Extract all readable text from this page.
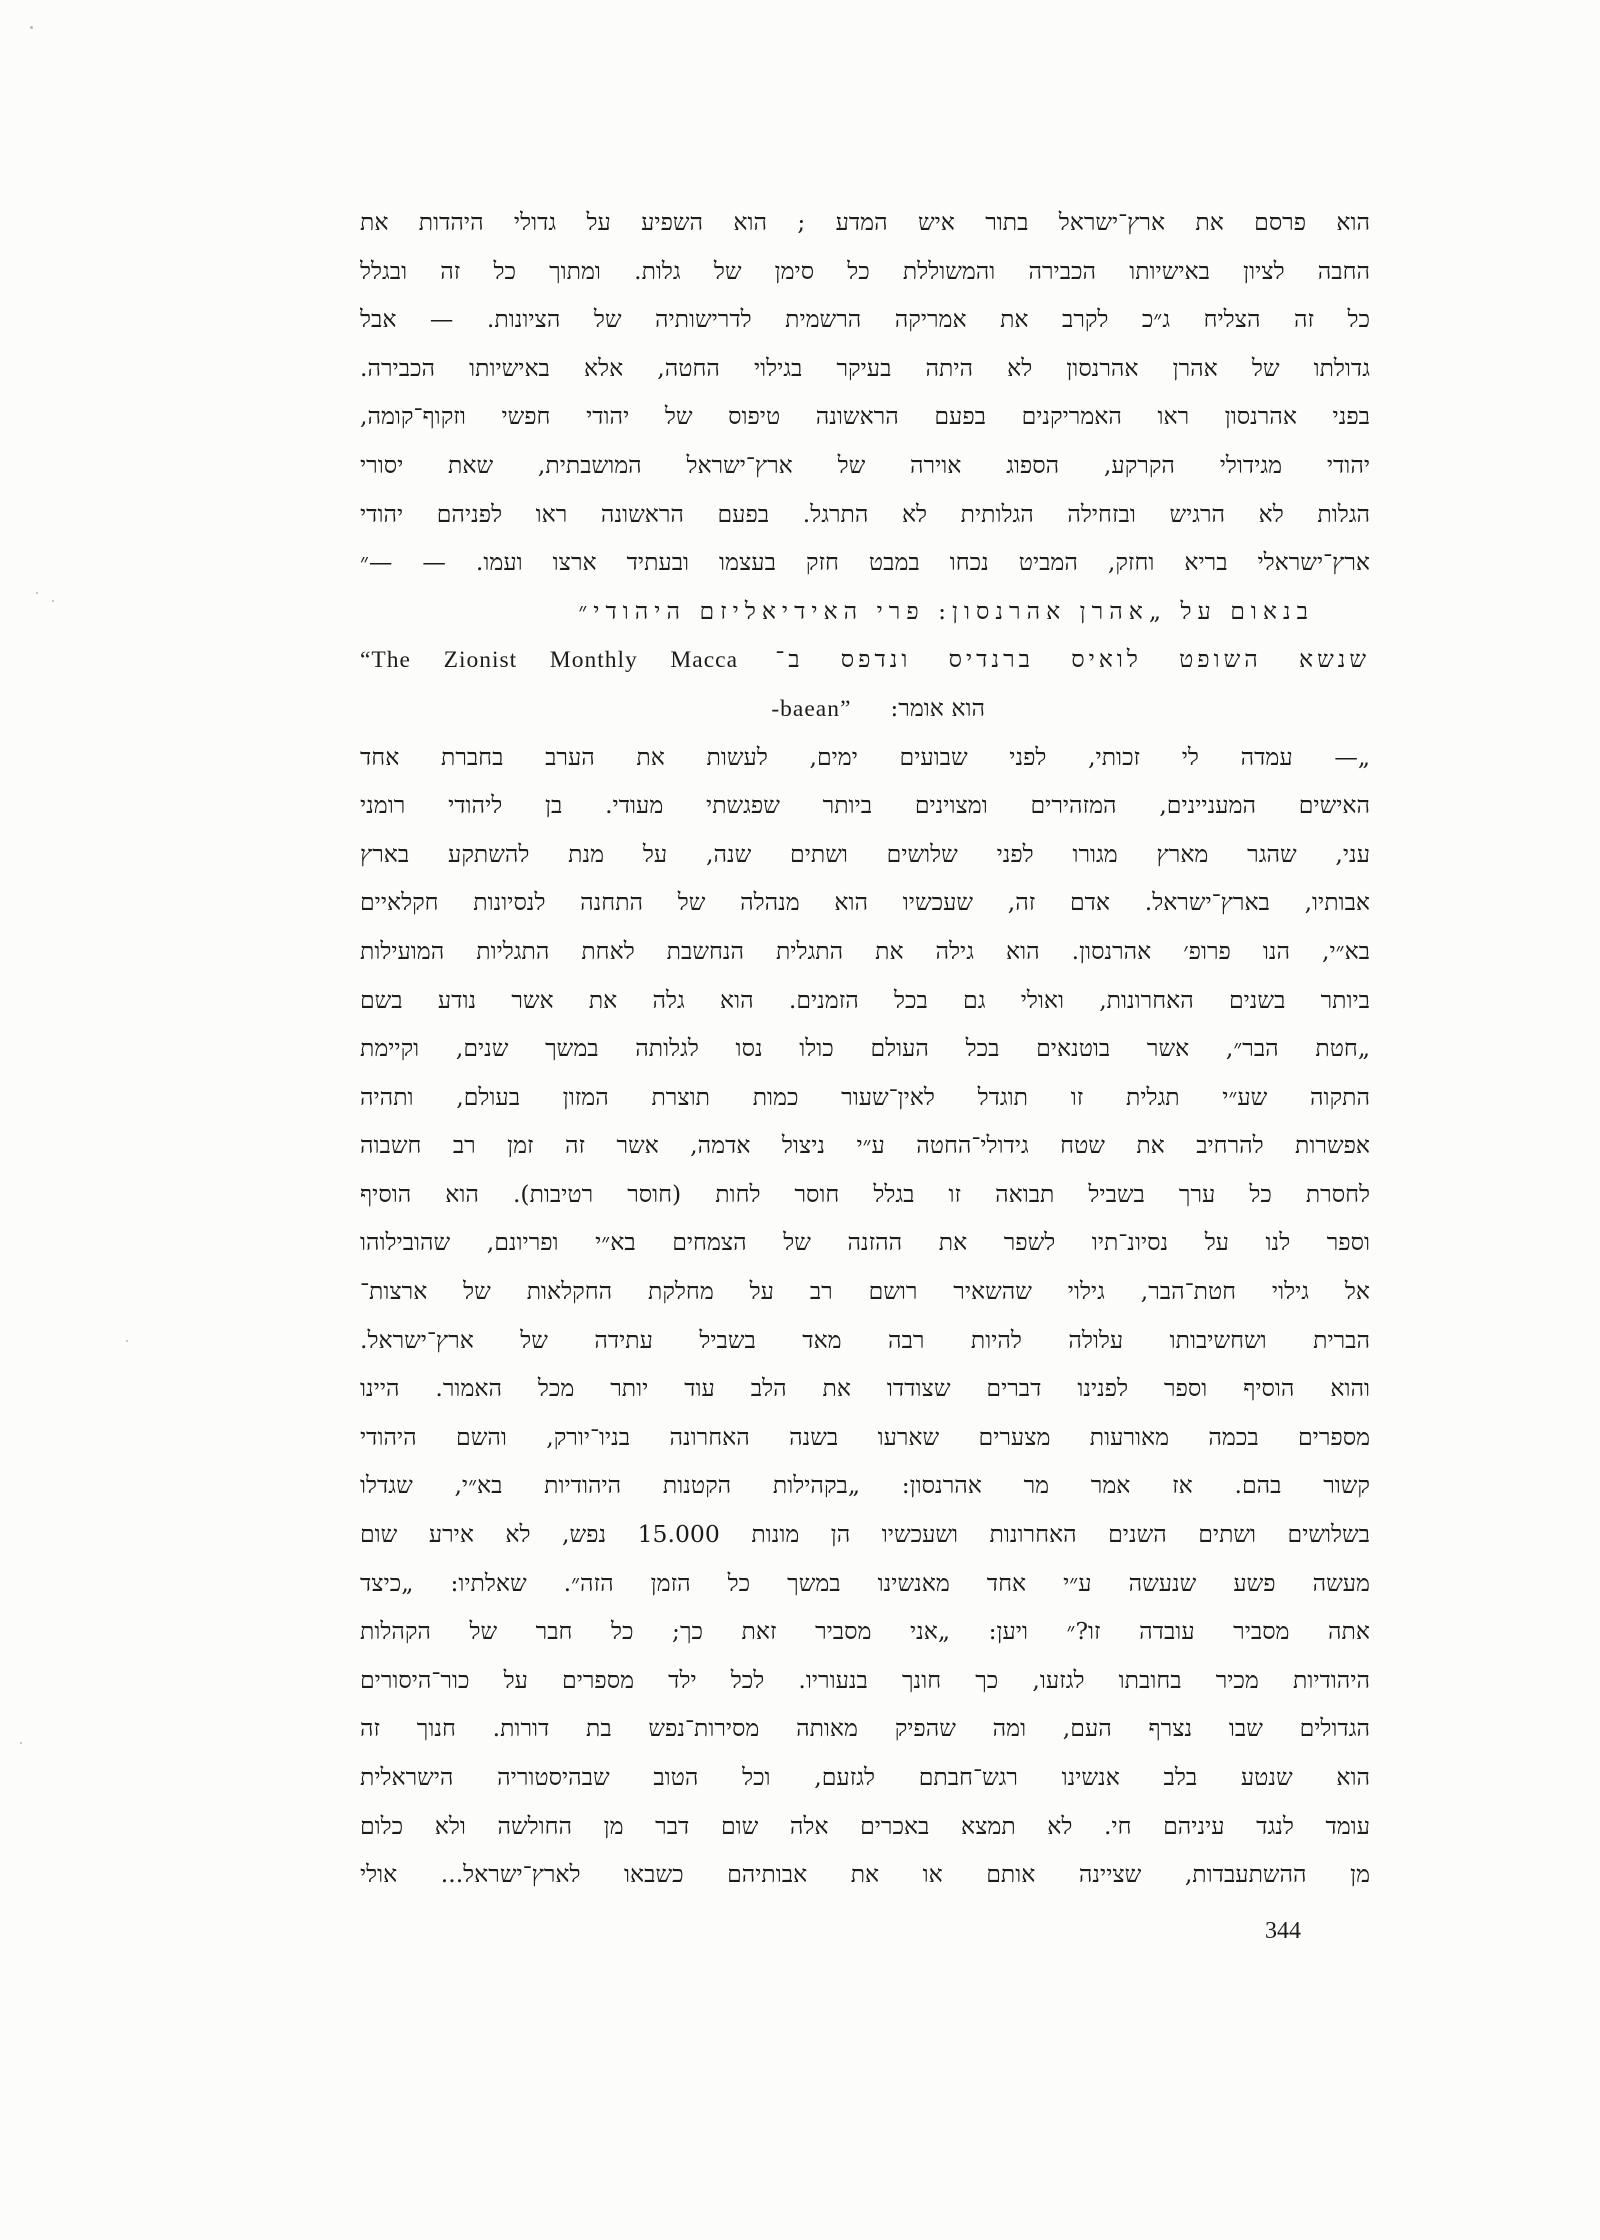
הוא פרסם את ארץ־ישראל בתור איש המדע ; הוא השפיע על גדולי היהדות את
החבה לציון באישיותו הכבירה והמשוללת כל סימן של גלות. ומתוך כל זה ובגלל
כל זה הצליח ג״כ לקרב את אמריקה הרשמית לדרישותיה של הציונות. — אבל
גדולתו של אהרן אהרנסון לא היתה בעיקר בגילוי החטה, אלא באישיותו הכבירה.
בפני אהרנסון ראו האמריקנים בפעם הראשונה טיפוס של יהודי חפשי וזקוף־קומה,
יהודי מגידולי הקרקע, הספוג אוירה של ארץ־ישראל המושבתית, שאת יסורי
הגלות לא הרגיש ובזחילה הגלותית לא התרגל. בפעם הראשונה ראו לפניהם יהודי
ארץ־ישראלי בריא וחזק, המביט נכחו במבט חזק בעצמו ובעתיד ארצו ועמו. — —״
בנאום על „אהרן אהרנסון: פרי האידיאליזם היהודי״
שנשא השופט לואיס ברנדיס ונדפס ב־ “The Zionist Monthly Macca
הוא אומר:  -baean”
„— עמדה לי זכותי, לפני שבועים ימים, לעשות את הערב בחברת אחד
האישים המעניינים, המזהירים ומצוינים ביותר שפגשתי מעודי. בן ליהודי רומני
עני, שהגר מארץ מגורו לפני שלושים ושתים שנה, על מנת להשתקע בארץ
אבותיו, בארץ־ישראל. אדם זה, שעכשיו הוא מנהלה של התחנה לנסיונות חקלאיים
בא״י, הנו פרופ׳ אהרנסון. הוא גילה את התגלית הנחשבת לאחת התגליות המועילות
ביותר בשנים האחרונות, ואולי גם בכל הזמנים. הוא גלה את אשר נודע בשם
„חטת הבר״, אשר בוטנאים בכל העולם כולו נסו לגלותה במשך שנים, וקיימת
התקוה שע״י תגלית זו תוגדל לאין־שעור כמות תוצרת המזון בעולם, ותהיה
אפשרות להרחיב את שטח גידולי־החטה ע״י ניצול אדמה, אשר זה זמן רב חשבוה
לחסרת כל ערך בשביל תבואה זו בגלל חוסר לחות (חוסר רטיבות). הוא הוסיף
וספר לנו על נסיונ־תיו לשפר את ההזנה של הצמחים בא״י ופריונם, שהובילוהו
אל גילוי חטת־הבר, גילוי שהשאיר רושם רב על מחלקת החקלאות של ארצות־
הברית ושחשיבותו עלולה להיות רבה מאד בשביל עתידה של ארץ־ישראל.
והוא הוסיף וספר לפנינו דברים שצודדו את הלב עוד יותר מכל האמור. היינו
מספרים בכמה מאורעות מצערים שארעו בשנה האחרונה בניו־יורק, והשם היהודי
קשור בהם. אז אמר מר אהרנסון: „בקהילות הקטנות היהודיות בא״י, שגדלו
בשלושים ושתים השנים האחרונות ושעכשיו הן מונות 15.000 נפש, לא אירע שום
מעשה פשע שנעשה ע״י אחד מאנשינו במשך כל הזמן הזה״. שאלתיו: „כיצד
אתה מסביר עובדה זו?״ ויען: „אני מסביר זאת כך; כל חבר של הקהלות
היהודיות מכיר בחובתו לגזעו, כך חונך בנעוריו. לכל ילד מספרים על כור־היסורים
הגדולים שבו נצרף העם, ומה שהפיק מאותה מסירות־נפש בת דורות. חנוך זה
הוא שנטע בלב אנשינו רגש־חבתם לגזעם, וכל הטוב שבהיסטוריה הישראלית
עומד לנגד עיניהם חי. לא תמצא באכרים אלה שום דבר מן החולשה ולא כלום
מן ההשתעבדות, שציינה אותם או את אבותיהם כשבאו לארץ־ישראל... אולי
344
